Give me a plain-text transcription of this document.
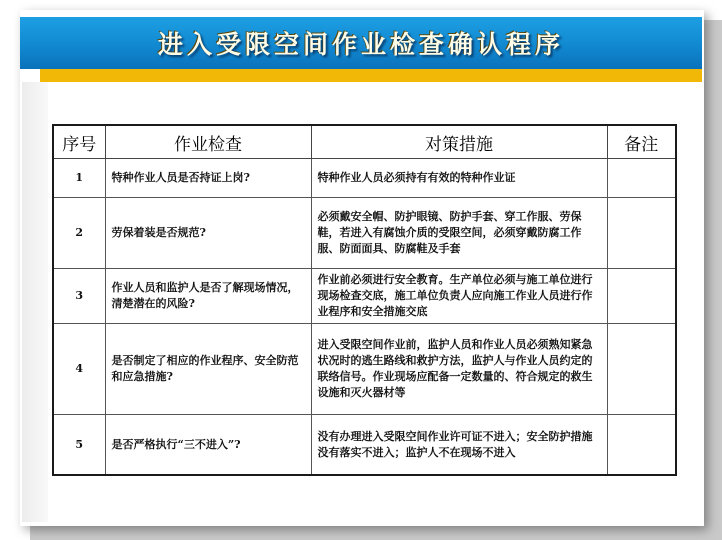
进入受限空间作业检查确认程序
序号	作业检查	对策措施	备注
1	特种作业人员是否持证上岗?	特种作业人员必须持有有效的特种作业证	
2	劳保着装是否规范?	必须戴安全帽、防护眼镜、防护手套、穿工作服、劳保鞋，若进入有腐蚀介质的受限空间，必须穿戴防腐工作服、防面面具、防腐鞋及手套	
3	作业人员和监护人是否了解现场情况，清楚潜在的风险?	作业前必须进行安全教育。生产单位必须与施工单位进行现场检查交底，施工单位负责人应向施工作业人员进行作业程序和安全措施交底	
4	是否制定了相应的作业程序、安全防范和应急措施?	进入受限空间作业前，监护人员和作业人员必须熟知紧急状况时的逃生路线和救护方法，监护人与作业人员约定的联络信号。作业现场应配备一定数量的、符合规定的救生设施和灭火器材等	
5	是否严格执行“三不进入”?	没有办理进入受限空间作业许可证不进入；安全防护措施没有落实不进入；监护人不在现场不进入	
